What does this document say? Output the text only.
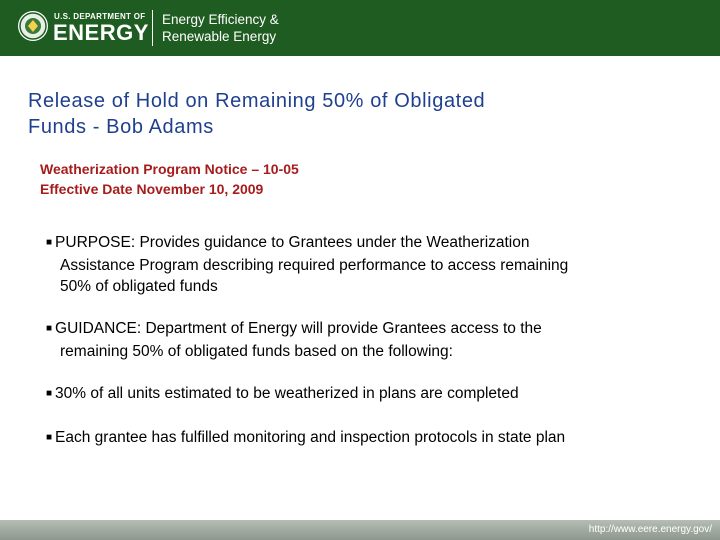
U.S. DEPARTMENT OF
ENERGY
Energy Efficiency &
Renewable Energy
Release of Hold on Remaining 50% of Obligated
Funds - Bob Adams
Weatherization Program Notice – 10-05
Effective Date November 10, 2009
■ PURPOSE: Provides guidance to Grantees under the Weatherization
Assistance Program describing required performance to access remaining
50% of obligated funds
■ GUIDANCE: Department of Energy will provide Grantees access to the
remaining 50% of obligated funds based on the following:
■ 30% of all units estimated to be weatherized in plans are completed
■ Each grantee has fulfilled monitoring and inspection protocols in state plan
http://www.eere.energy.gov/
